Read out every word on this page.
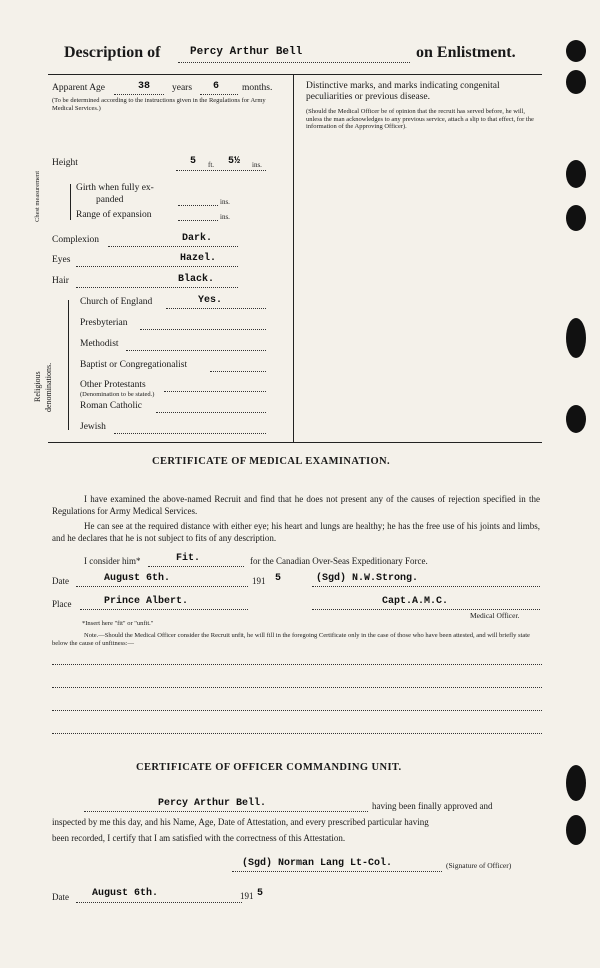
Description of	Percy Arthur Bell	on Enlistment.
Apparent Age	38 years 6 months.
(To be determined according to the instructions given in the Regulations for Army Medical Services.)
Height	5 ft. 5½ ins.
Chest measurement	Girth when fully ex-
panded	ins.
Range of expansion	ins.
Complexion	Dark.
Eyes	Hazel.
Hair	Black.
Religious denominations.
Church of England	Yes.
Presbyterian
Methodist
Baptist or Congregationalist
Other Protestants
(Denomination to be stated.)
Roman Catholic
Jewish
Distinctive marks, and marks indicating congenital peculiarities or previous disease.
(Should the Medical Officer be of opinion that the recruit has served before, he will, unless the man acknowledges to any previous service, attach a slip to that effect, for the information of the Approving Officer).
CERTIFICATE OF MEDICAL EXAMINATION.
I have examined the above-named Recruit and find that he does not present any of the causes of rejection specified in the Regulations for Army Medical Services.
He can see at the required distance with either eye; his heart and lungs are healthy; he has the free use of his joints and limbs, and he declares that he is not subject to fits of any description.
I consider him*	Fit.	for the Canadian Over-Seas Expeditionary Force.
Date	August 6th.	191 5	(Sgd) N.W.Strong.
Place	Prince Albert.	Capt.A.M.C.
Medical Officer.
*Insert here "fit" or "unfit."
Note.—Should the Medical Officer consider the Recruit unfit, he will fill in the foregoing Certificate only in the case of those who have been attested, and will briefly state below the cause of unfitness:—
CERTIFICATE OF OFFICER COMMANDING UNIT.
Percy Arthur Bell.	having been finally approved and
inspected by me this day, and his Name, Age, Date of Attestation, and every prescribed particular having
been recorded, I certify that I am satisfied with the correctness of this Attestation.
(Sgd) Norman Lang Lt-Col.	(Signature of Officer)
Date August 6th.	191 5
